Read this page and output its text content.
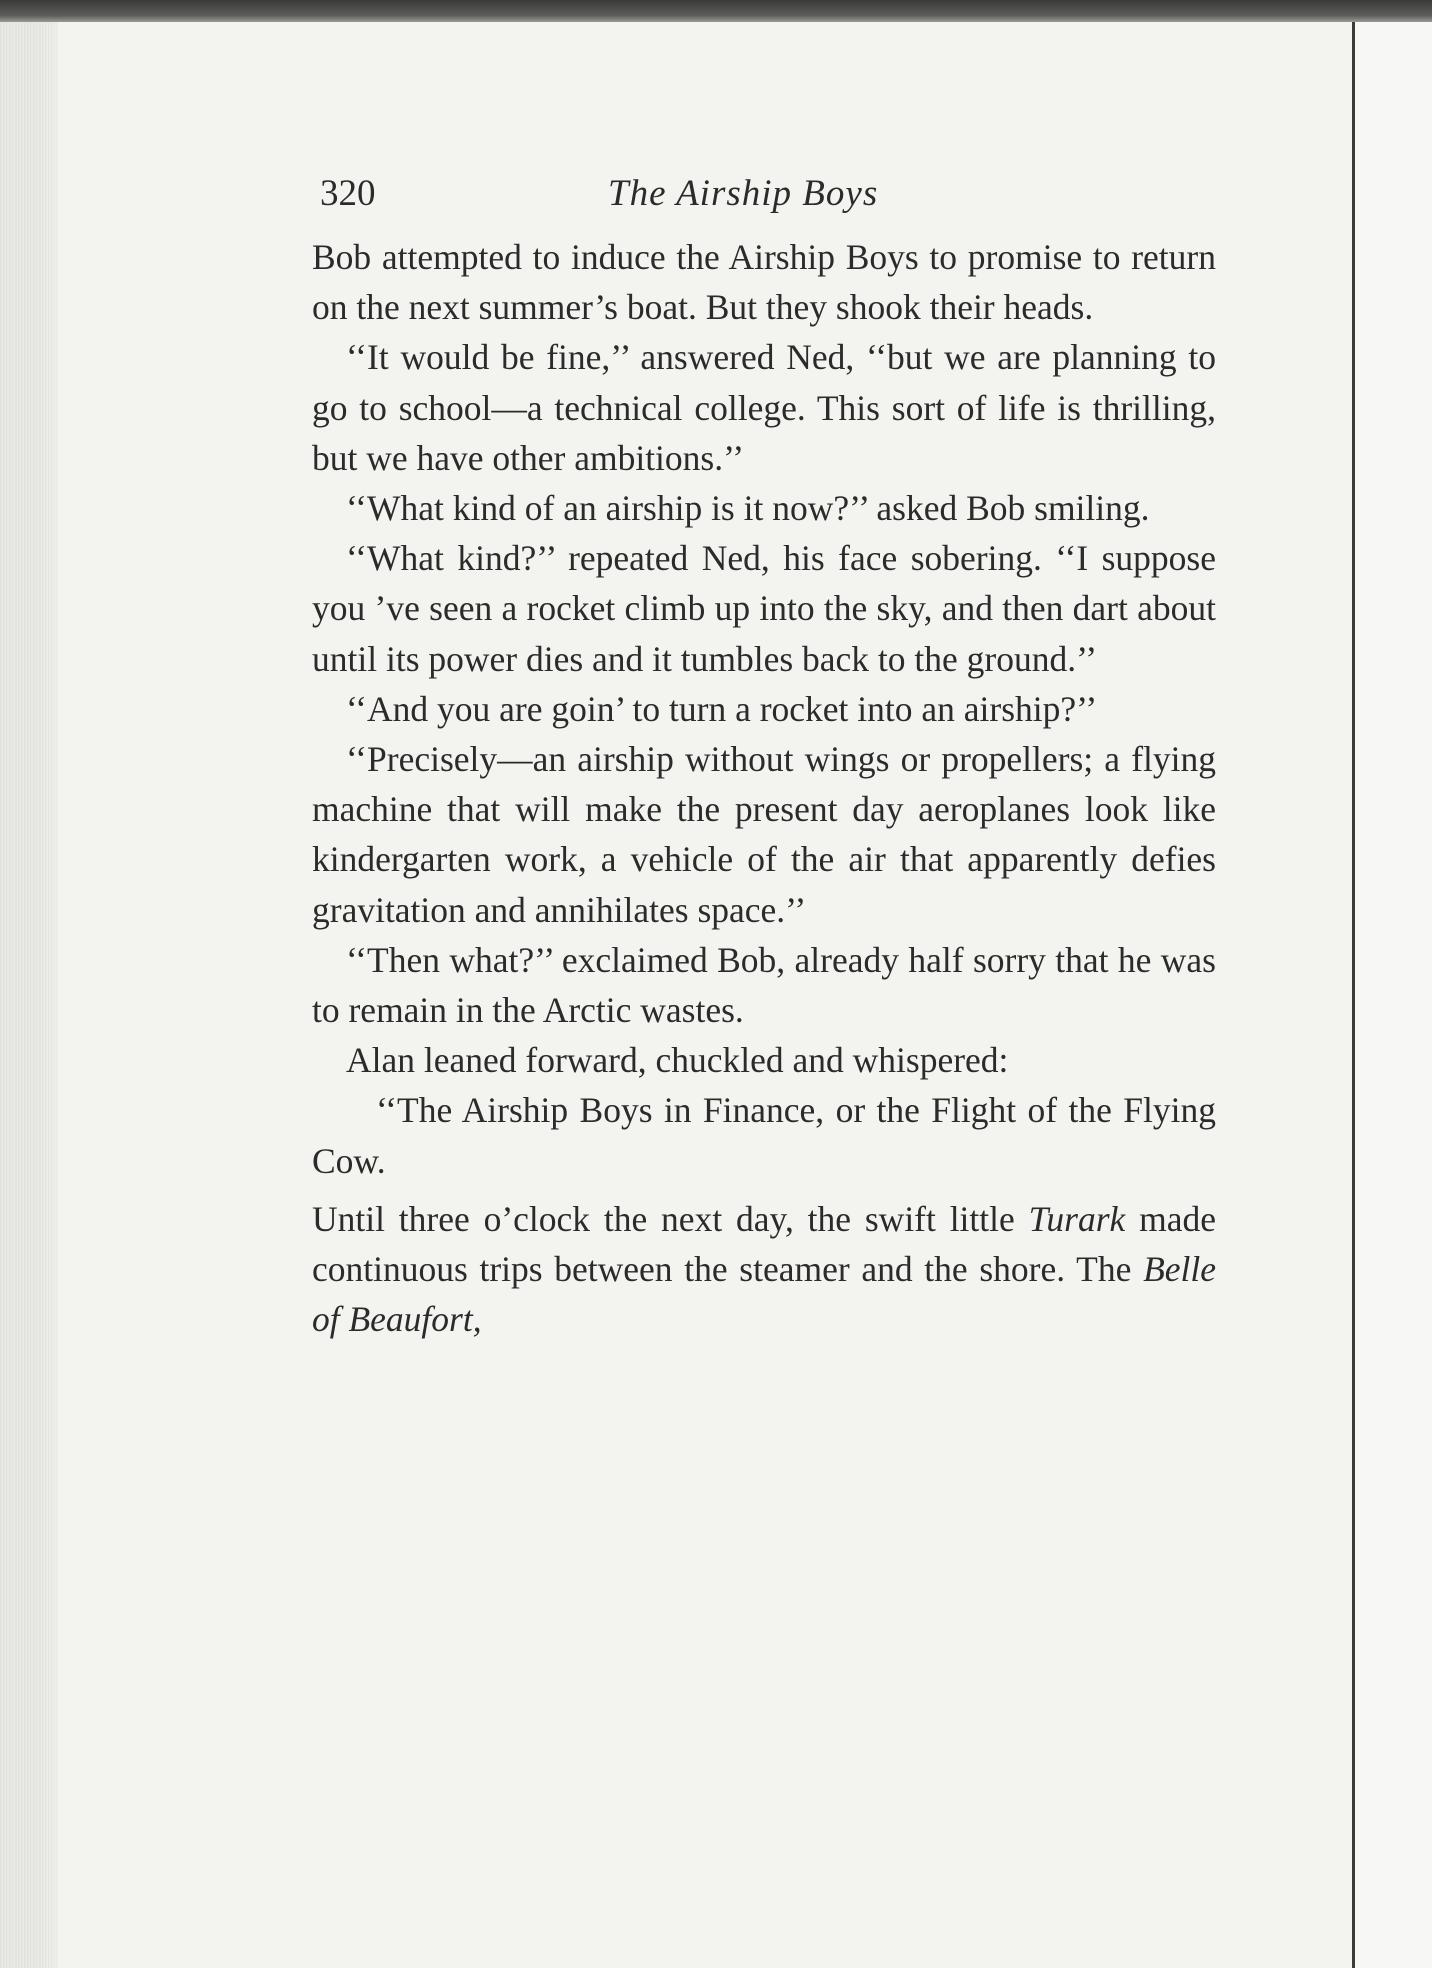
320	The Airship Boys

Bob attempted to induce the Airship Boys to promise to return on the next summer’s boat. But they shook their heads.

‘‘It would be fine,’’ answered Ned, ‘‘but we are planning to go to school—a technical college. This sort of life is thrilling, but we have other ambitions.’’

‘‘What kind of an airship is it now?’’ asked Bob smiling.

‘‘What kind?’’ repeated Ned, his face sobering. ‘‘I suppose you ’ve seen a rocket climb up into the sky, and then dart about until its power dies and it tumbles back to the ground.’’

‘‘And you are goin’ to turn a rocket into an airship?’’

‘‘Precisely—an airship without wings or propellers; a flying machine that will make the present day aeroplanes look like kindergarten work, a vehicle of the air that apparently defies gravitation and annihilates space.’’

‘‘Then what?’’ exclaimed Bob, already half sorry that he was to remain in the Arctic wastes.

Alan leaned forward, chuckled and whispered:

‘‘The Airship Boys in Finance, or the Flight of the Flying Cow.

Until three o’clock the next day, the swift little Turark made continuous trips between the steamer and the shore. The Belle of Beaufort,
